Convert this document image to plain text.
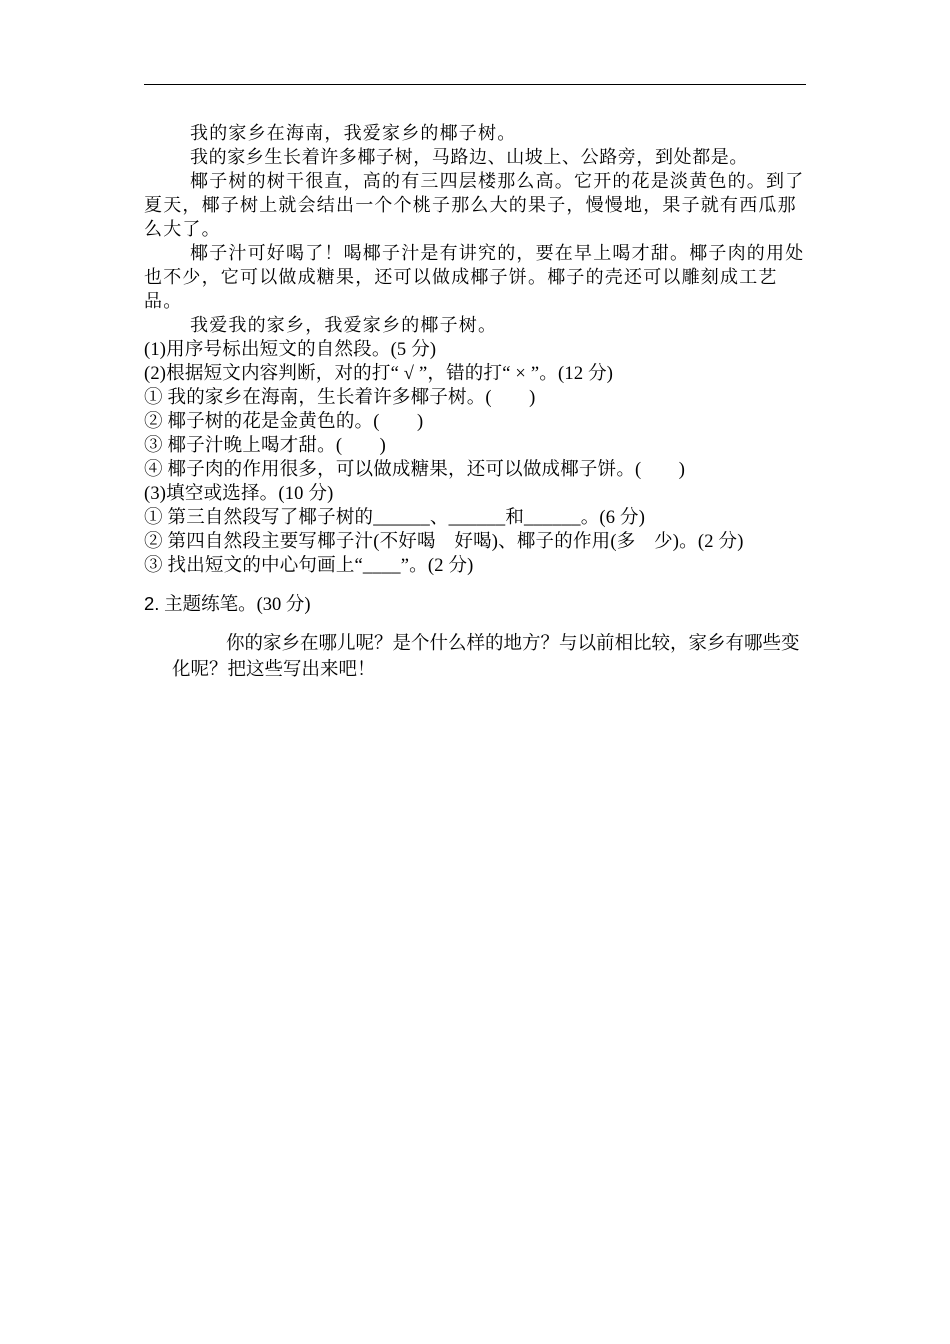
我的家乡在海南，我爱家乡的椰子树。

我的家乡生长着许多椰子树，马路边、山坡上、公路旁，到处都是。

椰子树的树干很直，高的有三四层楼那么高。它开的花是淡黄色的。到了夏天，椰子树上就会结出一个个桃子那么大的果子，慢慢地，果子就有西瓜那么大了。

椰子汁可好喝了！喝椰子汁是有讲究的，要在早上喝才甜。椰子肉的用处也不少，它可以做成糖果，还可以做成椰子饼。椰子的壳还可以雕刻成工艺品。

我爱我的家乡，我爱家乡的椰子树。

(1)用序号标出短文的自然段。(5 分)

(2)根据短文内容判断，对的打“ √ ”，错的打“ × ”。(12 分)

① 我的家乡在海南，生长着许多椰子树。(　　)

② 椰子树的花是金黄色的。(　　)

③ 椰子汁晚上喝才甜。(　　)

④ 椰子肉的作用很多，可以做成糖果，还可以做成椰子饼。(　　)

(3)填空或选择。(10 分)

① 第三自然段写了椰子树的______、______和______。(6 分)

② 第四自然段主要写椰子汁(不好喝　好喝)、椰子的作用(多　少)。(2 分)

③ 找出短文的中心句画上“____”。(2 分)

2. 主题练笔。(30 分)

你的家乡在哪儿呢？是个什么样的地方？与以前相比较，家乡有哪些变化呢？把这些写出来吧！
